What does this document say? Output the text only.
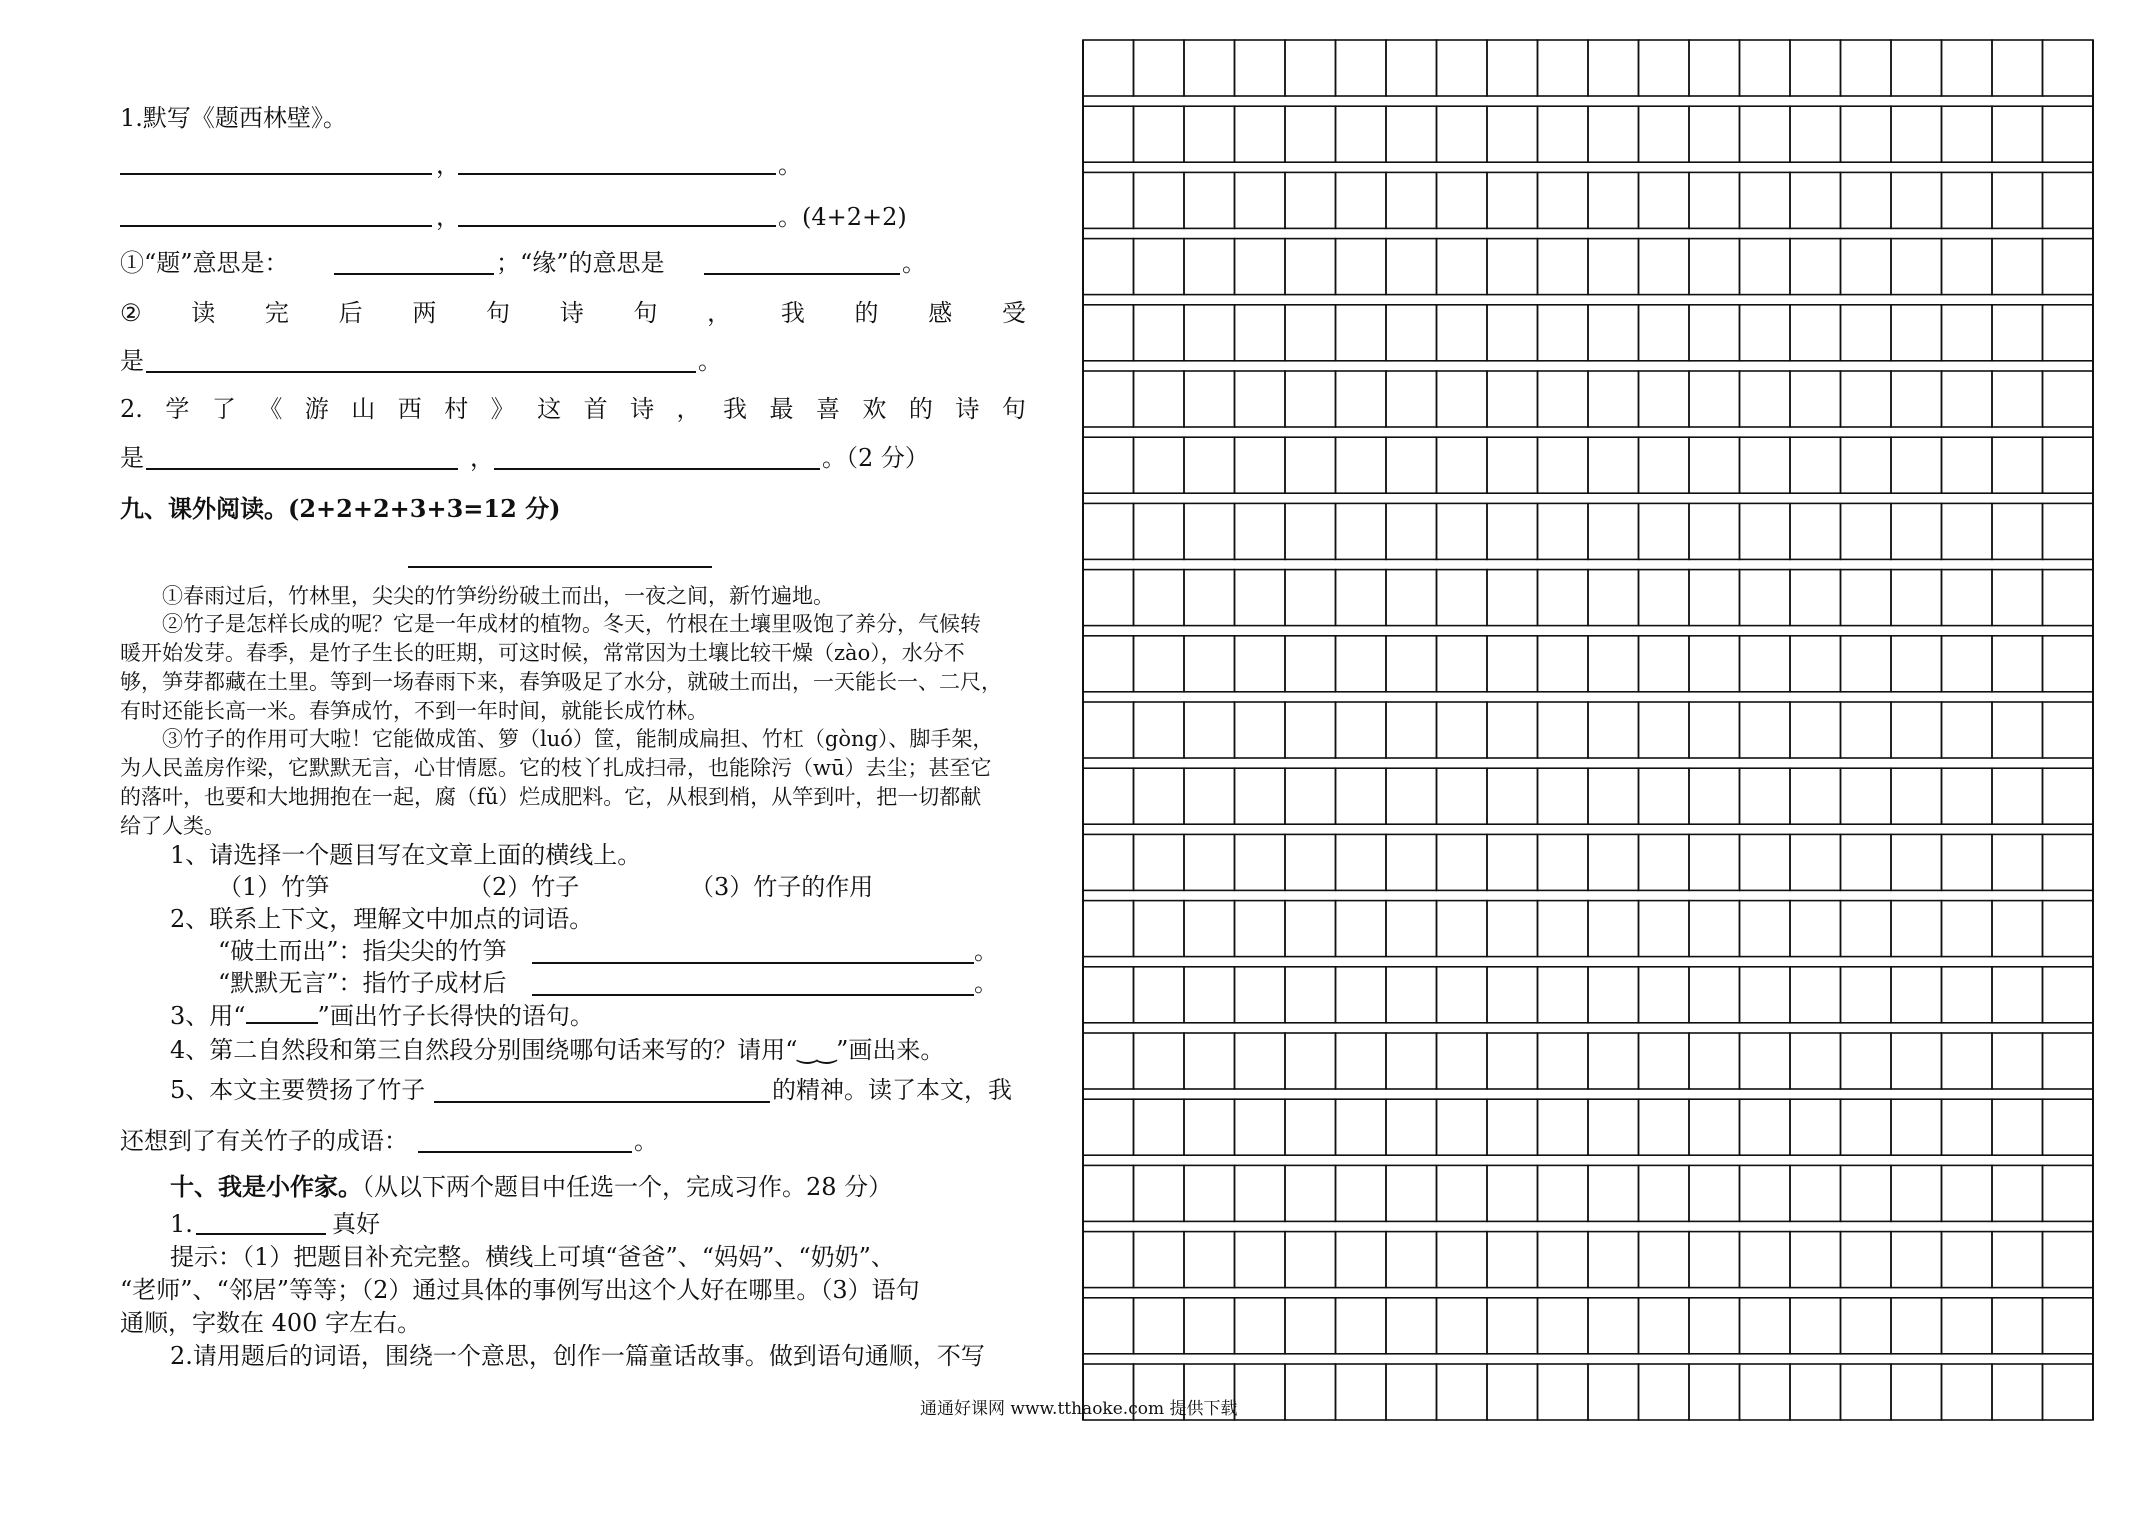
1.默写《题西林壁》。
，	。
，	。(4+2+2)
①“题”意思是：	；“缘”的意思是	。
② 读 完 后 两 句 诗 句 ， 我 的 感 受
是	。
2. 学 了 《 游 山 西 村 》 这 首 诗 ， 我 最 喜 欢 的 诗 句
是	，	。（2 分）
九、课外阅读。(2+2+2+3+3=12 分)
①春雨过后，竹林里，尖尖的竹笋纷纷破土而出，一夜之间，新竹遍地。
②竹子是怎样长成的呢？它是一年成材的植物。冬天，竹根在土壤里吸饱了养分，气候转
暖开始发芽。春季，是竹子生长的旺期，可这时候，常常因为土壤比较干燥（zào），水分不
够，笋芽都藏在土里。等到一场春雨下来，春笋吸足了水分，就破土而出，一天能长一、二尺，
有时还能长高一米。春笋成竹，不到一年时间，就能长成竹林。
③竹子的作用可大啦！它能做成笛、箩（luó）筐，能制成扁担、竹杠（gòng）、脚手架，
为人民盖房作梁，它默默无言，心甘情愿。它的枝丫扎成扫帚，也能除污（wū）去尘；甚至它
的落叶，也要和大地拥抱在一起，腐（fǔ）烂成肥料。它，从根到梢，从竿到叶，把一切都献
给了人类。
1、请选择一个题目写在文章上面的横线上。
（1）竹笋	（2）竹子	（3）竹子的作用
2、联系上下文，理解文中加点的词语。
“破土而出”：指尖尖的竹笋	。
“默默无言”：指竹子成材后	。
3、用“	”画出竹子长得快的语句。
4、第二自然段和第三自然段分别围绕哪句话来写的？请用“‿‿”画出来。
5、本文主要赞扬了竹子	的精神。读了本文，我
还想到了有关竹子的成语：	。
十、我是小作家。（从以下两个题目中任选一个，完成习作。28 分）
1.	真好
提示：（1）把题目补充完整。横线上可填“爸爸”、“妈妈”、“奶奶”、
“老师”、“邻居”等等；（2）通过具体的事例写出这个人好在哪里。（3）语句
通顺，字数在 400 字左右。
2.请用题后的词语，围绕一个意思，创作一篇童话故事。做到语句通顺，不写
通通好课网 www.tthaoke.com 提供下载
